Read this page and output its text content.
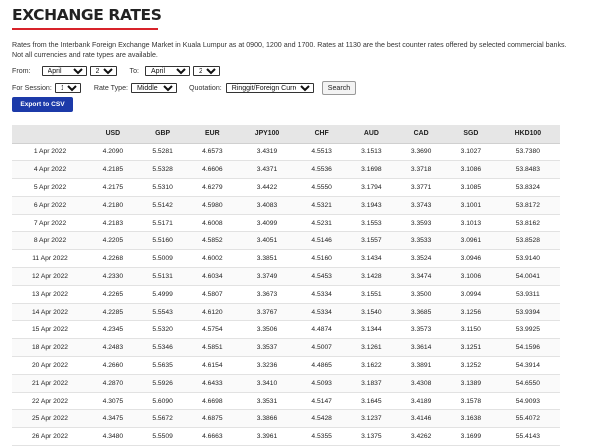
EXCHANGE RATES
Rates from the Interbank Foreign Exchange Market in Kuala Lumpur as at 0900, 1200 and 1700. Rates at 1130 are the best counter rates offered by selected commercial banks.
Not all currencies and rate types are available.
From:
April
2022	To:
April
2022
For Session:
1200	Rate Type:
Middle Rate	Quotation:
Ringgit/Foreign Currency	Search
Export to CSV
	USD	GBP	EUR	JPY100	CHF	AUD	CAD	SGD	HKD100
1 Apr 2022	4.2090	5.5281	4.6573	3.4319	4.5513	3.1513	3.3690	3.1027	53.7380
4 Apr 2022	4.2185	5.5328	4.6606	3.4371	4.5536	3.1698	3.3718	3.1086	53.8483
5 Apr 2022	4.2175	5.5310	4.6279	3.4422	4.5550	3.1794	3.3771	3.1085	53.8324
6 Apr 2022	4.2180	5.5142	4.5980	3.4083	4.5321	3.1943	3.3743	3.1001	53.8172
7 Apr 2022	4.2183	5.5171	4.6008	3.4099	4.5231	3.1553	3.3593	3.1013	53.8162
8 Apr 2022	4.2205	5.5160	4.5852	3.4051	4.5146	3.1557	3.3533	3.0961	53.8528
11 Apr 2022	4.2268	5.5009	4.6002	3.3851	4.5160	3.1434	3.3524	3.0946	53.9140
12 Apr 2022	4.2330	5.5131	4.6034	3.3749	4.5453	3.1428	3.3474	3.1006	54.0041
13 Apr 2022	4.2265	5.4999	4.5807	3.3673	4.5334	3.1551	3.3500	3.0994	53.9311
14 Apr 2022	4.2285	5.5543	4.6120	3.3767	4.5334	3.1540	3.3685	3.1256	53.9394
15 Apr 2022	4.2345	5.5320	4.5754	3.3506	4.4874	3.1344	3.3573	3.1150	53.9925
18 Apr 2022	4.2483	5.5346	4.5851	3.3537	4.5007	3.1261	3.3614	3.1251	54.1596
20 Apr 2022	4.2660	5.5635	4.6154	3.3236	4.4865	3.1622	3.3891	3.1252	54.3914
21 Apr 2022	4.2870	5.5926	4.6433	3.3410	4.5093	3.1837	3.4308	3.1389	54.6550
22 Apr 2022	4.3075	5.6090	4.6698	3.3531	4.5147	3.1645	3.4189	3.1578	54.9093
25 Apr 2022	4.3475	5.5672	4.6875	3.3866	4.5428	3.1237	3.4146	3.1638	55.4072
26 Apr 2022	4.3480	5.5509	4.6663	3.3961	4.5355	3.1375	3.4262	3.1699	55.4143
